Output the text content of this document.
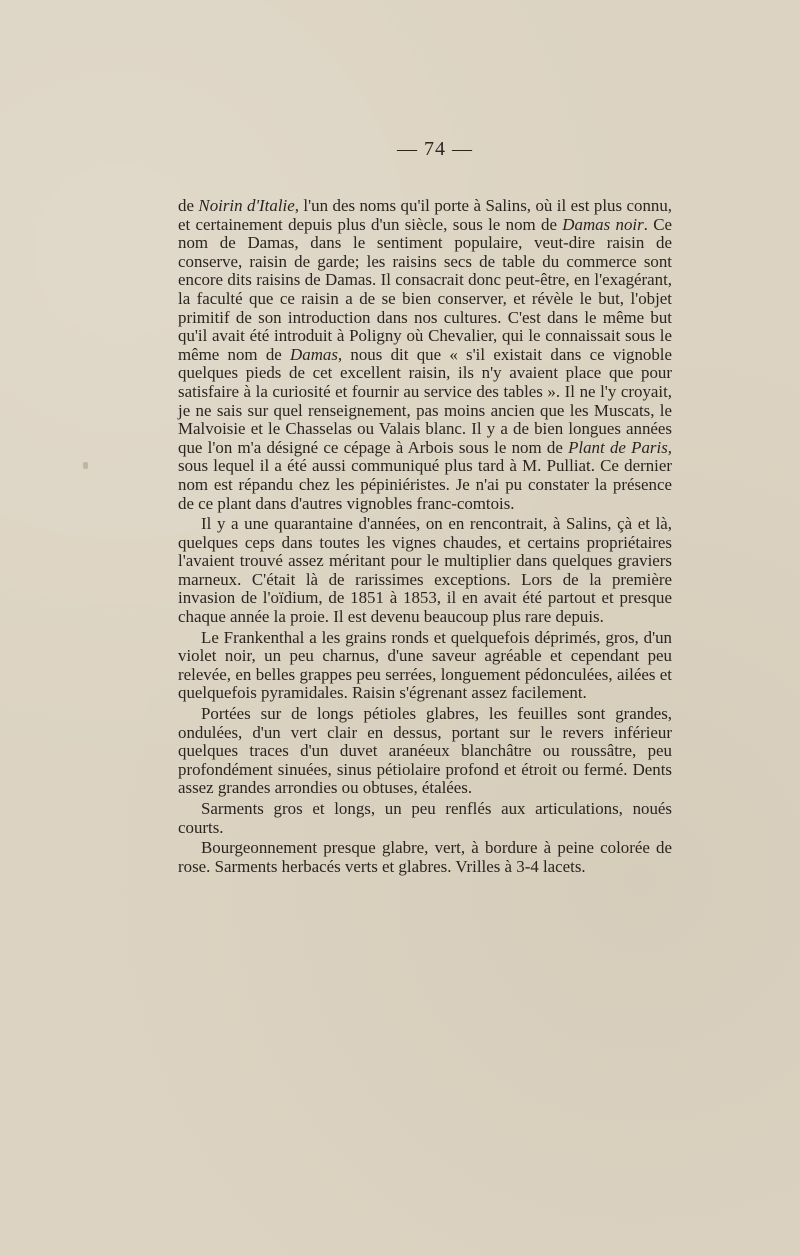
— 74 —

de Noirin d'Italie, l'un des noms qu'il porte à Salins, où il est plus connu, et certainement depuis plus d'un siècle, sous le nom de Damas noir. Ce nom de Damas, dans le sentiment populaire, veut-dire raisin de conserve, raisin de garde; les raisins secs de table du commerce sont encore dits raisins de Damas. Il consacrait donc peut-être, en l'exagérant, la faculté que ce raisin a de se bien conserver, et révèle le but, l'objet primitif de son introduction dans nos cultures. C'est dans le même but qu'il avait été introduit à Poligny où Chevalier, qui le connaissait sous le même nom de Damas, nous dit que « s'il existait dans ce vignoble quelques pieds de cet excellent raisin, ils n'y avaient place que pour satisfaire à la curiosité et fournir au service des tables ». Il ne l'y croyait, je ne sais sur quel renseignement, pas moins ancien que les Muscats, le Malvoisie et le Chasselas ou Valais blanc. Il y a de bien longues années que l'on m'a désigné ce cépage à Arbois sous le nom de Plant de Paris, sous lequel il a été aussi communiqué plus tard à M. Pulliat. Ce dernier nom est répandu chez les pépiniéristes. Je n'ai pu constater la présence de ce plant dans d'autres vignobles franc-comtois.

Il y a une quarantaine d'années, on en rencontrait, à Salins, çà et là, quelques ceps dans toutes les vignes chaudes, et certains propriétaires l'avaient trouvé assez méritant pour le multiplier dans quelques graviers marneux. C'était là de rarissimes exceptions. Lors de la première invasion de l'oïdium, de 1851 à 1853, il en avait été partout et presque chaque année la proie. Il est devenu beaucoup plus rare depuis.

Le Frankenthal a les grains ronds et quelquefois déprimés, gros, d'un violet noir, un peu charnus, d'une saveur agréable et cependant peu relevée, en belles grappes peu serrées, longuement pédonculées, ailées et quelquefois pyramidales. Raisin s'égrenant assez facilement.

Portées sur de longs pétioles glabres, les feuilles sont grandes, ondulées, d'un vert clair en dessus, portant sur le revers inférieur quelques traces d'un duvet aranéeux blanchâtre ou roussâtre, peu profondément sinuées, sinus pétiolaire profond et étroit ou fermé. Dents assez grandes arrondies ou obtuses, étalées.

Sarments gros et longs, un peu renflés aux articulations, noués courts.

Bourgeonnement presque glabre, vert, à bordure à peine colorée de rose. Sarments herbacés verts et glabres. Vrilles à 3-4 lacets.
